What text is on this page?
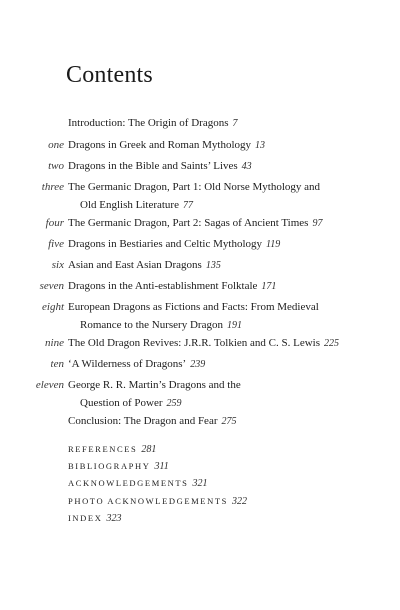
Contents
Introduction: The Origin of Dragons 7
one Dragons in Greek and Roman Mythology 13
two Dragons in the Bible and Saints’ Lives 43
three The Germanic Dragon, Part 1: Old Norse Mythology and
Old English Literature 77
four The Germanic Dragon, Part 2: Sagas of Ancient Times 97
five Dragons in Bestiaries and Celtic Mythology 119
six Asian and East Asian Dragons 135
seven Dragons in the Anti-establishment Folktale 171
eight European Dragons as Fictions and Facts: From Medieval
Romance to the Nursery Dragon 191
nine The Old Dragon Revives: J.R.R. Tolkien and C. S. Lewis 225
ten ‘A Wilderness of Dragons’ 239
eleven George R. R. Martin’s Dragons and the
Question of Power 259
Conclusion: The Dragon and Fear 275
REFERENCES 281
BIBLIOGRAPHY 311
ACKNOWLEDGEMENTS 321
PHOTO ACKNOWLEDGEMENTS 322
INDEX 323
